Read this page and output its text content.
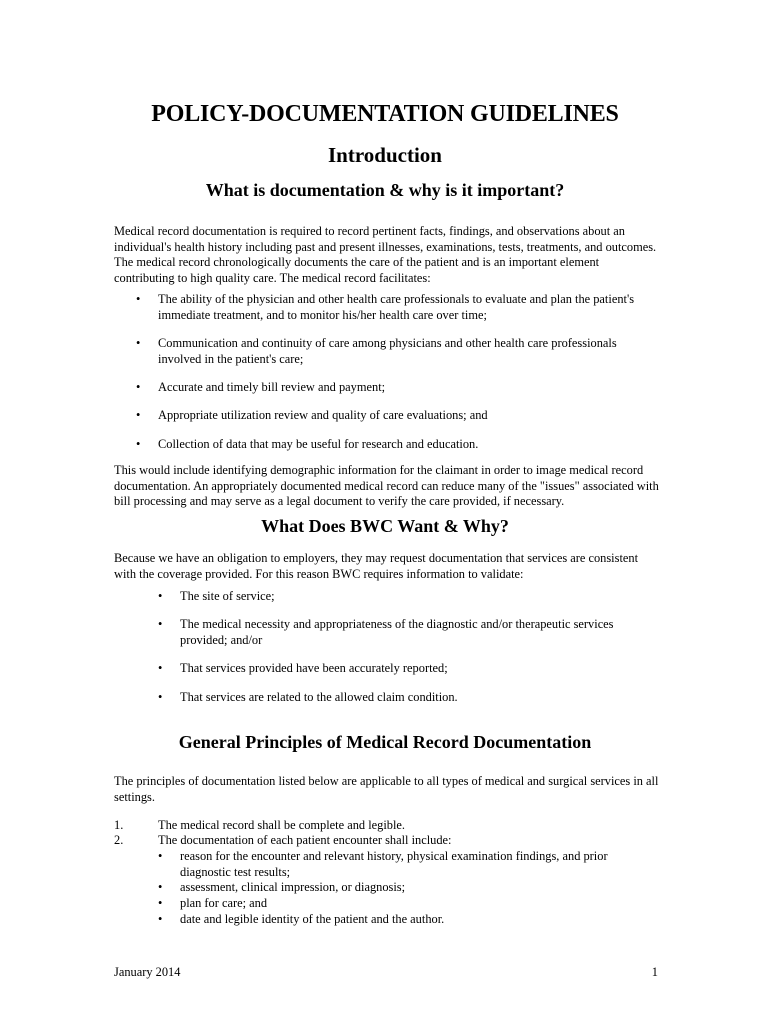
POLICY-DOCUMENTATION GUIDELINES
Introduction
What is documentation & why is it important?

Medical record documentation is required to record pertinent facts, findings, and observations about an individual's health history including past and present illnesses, examinations, tests, treatments, and outcomes. The medical record chronologically documents the care of the patient and is an important element contributing to high quality care. The medical record facilitates:

• The ability of the physician and other health care professionals to evaluate and plan the patient's immediate treatment, and to monitor his/her health care over time;
• Communication and continuity of care among physicians and other health care professionals involved in the patient's care;
• Accurate and timely bill review and payment;
• Appropriate utilization review and quality of care evaluations; and
• Collection of data that may be useful for research and education.

This would include identifying demographic information for the claimant in order to image medical record documentation. An appropriately documented medical record can reduce many of the "issues" associated with bill processing and may serve as a legal document to verify the care provided, if necessary.

What Does BWC Want & Why?

Because we have an obligation to employers, they may request documentation that services are consistent with the coverage provided. For this reason BWC requires information to validate:

• The site of service;
• The medical necessity and appropriateness of the diagnostic and/or therapeutic services provided; and/or
• That services provided have been accurately reported;
• That services are related to the allowed claim condition.
General Principles of Medical Record Documentation

The principles of documentation listed below are applicable to all types of medical and surgical services in all settings.

1.	The medical record shall be complete and legible.
2.	The documentation of each patient encounter shall include:
• reason for the encounter and relevant history, physical examination findings, and prior diagnostic test results;
• assessment, clinical impression, or diagnosis;
• plan for care; and
• date and legible identity of the patient and the author.
January 2014	1
